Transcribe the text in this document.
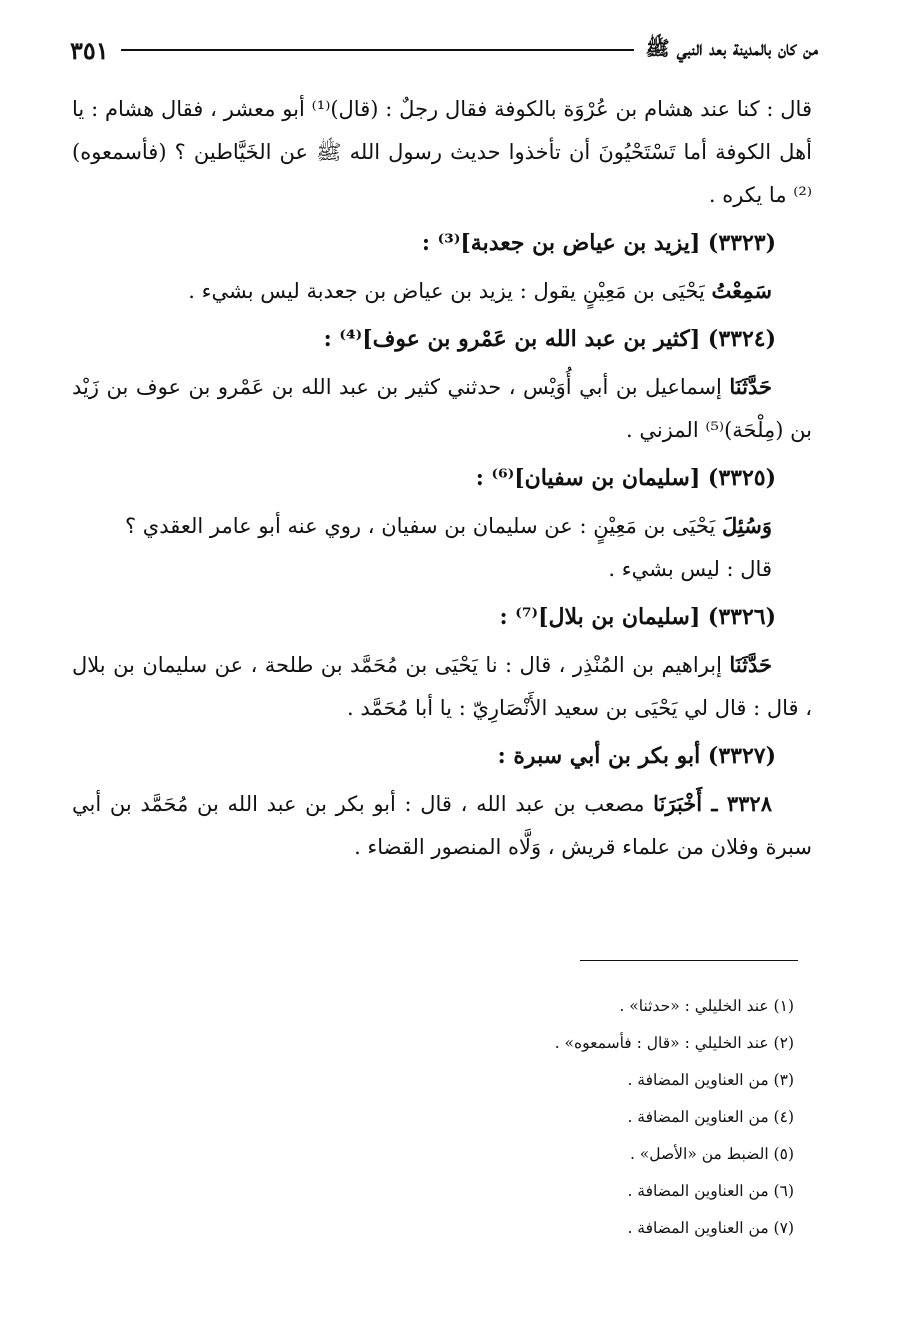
من كان بالمدينة بعد النبي ﷺ
٣٥١

قال : كنا عند هشام بن عُرْوَة بالكوفة فقال رجلٌ : (قال)⁽¹⁾ أبو معشر ، فقال هشام : يا أهل الكوفة أما تَسْتَحْيُونَ أن تأخذوا حديث رسول الله ﷺ عن الخَيَّاطين ؟ (فأسمعوه)⁽²⁾ ما يكره .

(٣٣٢٣) [يزيد بن عياض بن جعدبة]⁽³⁾ :

سَمِعْتُ يَحْيَى بن مَعِيْنٍ يقول : يزيد بن عياض بن جعدبة ليس بشيء .

(٣٣٢٤) [كثير بن عبد الله بن عَمْرو بن عوف]⁽⁴⁾ :

حَدَّثَنَا إسماعيل بن أبي أُوَيْس ، حدثني كثير بن عبد الله بن عَمْرو بن عوف بن زَيْد بن (مِلْحَة)⁽⁵⁾ المزني .

(٣٣٢٥) [سليمان بن سفيان]⁽⁶⁾ :

وَسُئِلَ يَحْيَى بن مَعِيْنٍ : عن سليمان بن سفيان ، روي عنه أبو عامر العقدي ؟

قال : ليس بشيء .

(٣٣٢٦) [سليمان بن بلال]⁽⁷⁾ :

حَدَّثَنَا إبراهيم بن المُنْذِر ، قال : نا يَحْيَى بن مُحَمَّد بن طلحة ، عن سليمان بن بلال ، قال : قال لي يَحْيَى بن سعيد الأَنْصَارِيّ : يا أبا مُحَمَّد .

(٣٣٢٧) أبو بكر بن أبي سبرة :

٣٣٢٨ ـ أَخْبَرَنَا مصعب بن عبد الله ، قال : أبو بكر بن عبد الله بن مُحَمَّد بن أبي سبرة وفلان من علماء قريش ، وَلَّاه المنصور القضاء .

(١) عند الخليلي : «حدثنا» .

(٢) عند الخليلي : «قال : فأسمعوه» .

(٣) من العناوين المضافة .

(٤) من العناوين المضافة .

(٥) الضبط من «الأصل» .

(٦) من العناوين المضافة .

(٧) من العناوين المضافة .
